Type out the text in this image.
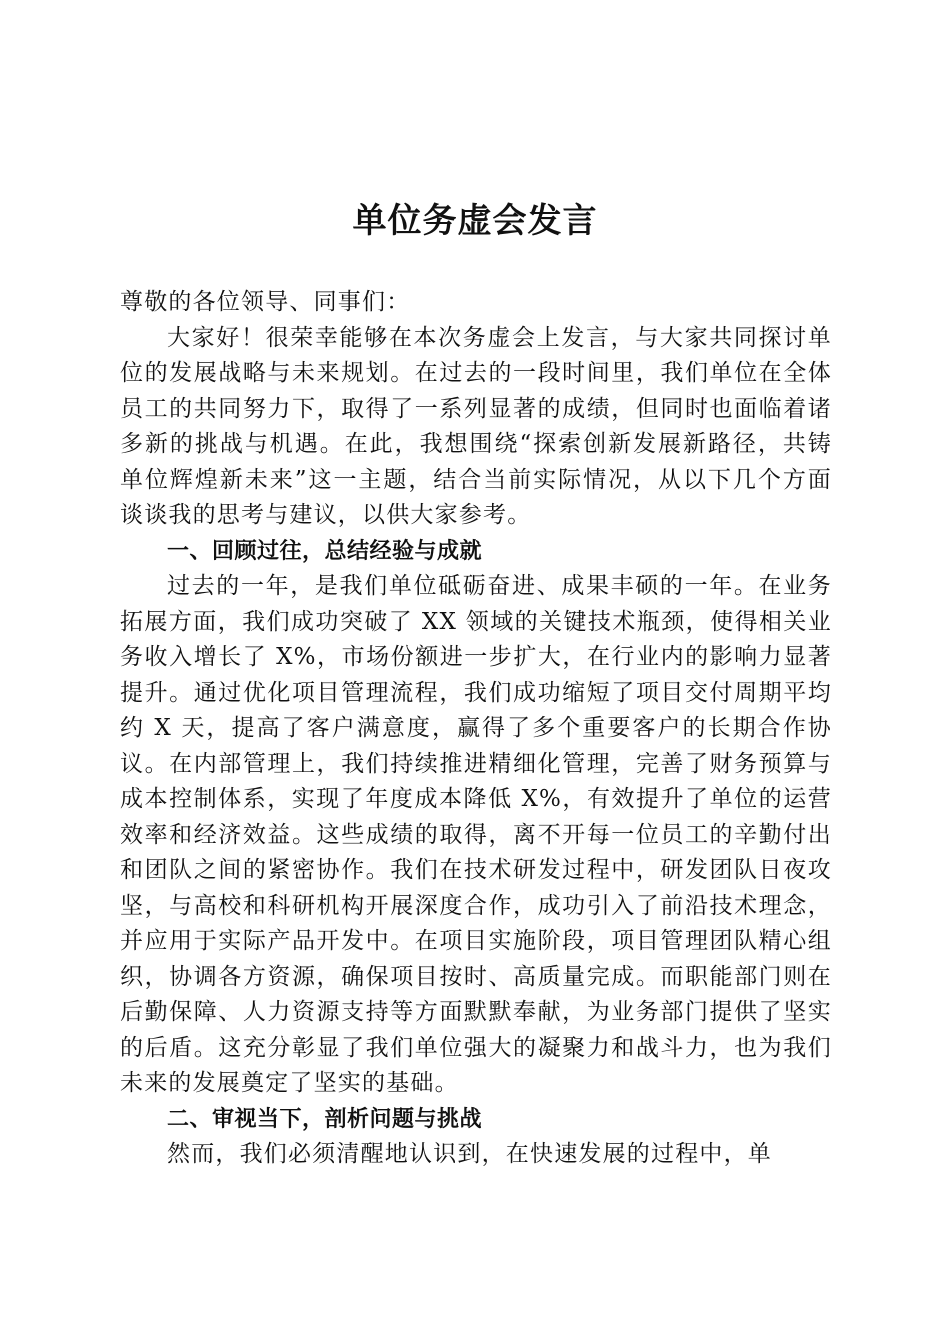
单位务虚会发言

尊敬的各位领导、同事们：

大家好！很荣幸能够在本次务虚会上发言，与大家共同探讨单位的发展战略与未来规划。在过去的一段时间里，我们单位在全体员工的共同努力下，取得了一系列显著的成绩，但同时也面临着诸多新的挑战与机遇。在此，我想围绕“探索创新发展新路径，共铸单位辉煌新未来”这一主题，结合当前实际情况，从以下几个方面谈谈我的思考与建议，以供大家参考。

一、回顾过往，总结经验与成就

过去的一年，是我们单位砥砺奋进、成果丰硕的一年。在业务拓展方面，我们成功突破了 XX 领域的关键技术瓶颈，使得相关业务收入增长了 X%，市场份额进一步扩大，在行业内的影响力显著提升。通过优化项目管理流程，我们成功缩短了项目交付周期平均约 X 天，提高了客户满意度，赢得了多个重要客户的长期合作协议。在内部管理上，我们持续推进精细化管理，完善了财务预算与成本控制体系，实现了年度成本降低 X%，有效提升了单位的运营效率和经济效益。这些成绩的取得，离不开每一位员工的辛勤付出和团队之间的紧密协作。我们在技术研发过程中，研发团队日夜攻坚，与高校和科研机构开展深度合作，成功引入了前沿技术理念，并应用于实际产品开发中。在项目实施阶段，项目管理团队精心组织，协调各方资源，确保项目按时、高质量完成。而职能部门则在后勤保障、人力资源支持等方面默默奉献，为业务部门提供了坚实的后盾。这充分彰显了我们单位强大的凝聚力和战斗力，也为我们未来的发展奠定了坚实的基础。

二、审视当下，剖析问题与挑战

然而，我们必须清醒地认识到，在快速发展的过程中，单
